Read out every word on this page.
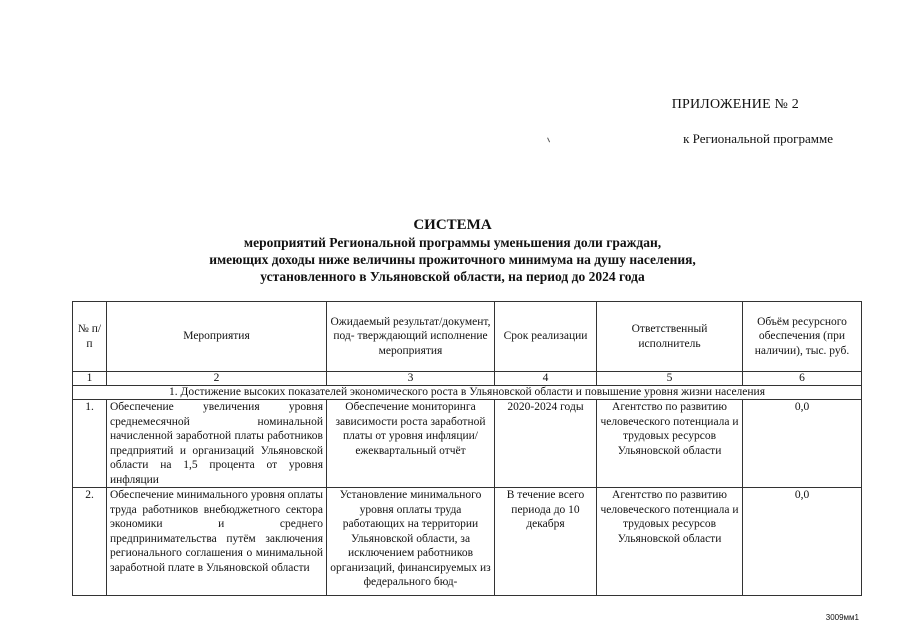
ПРИЛОЖЕНИЕ № 2
к Региональной программе
СИСТЕМА
мероприятий Региональной программы уменьшения доли граждан,
имеющих доходы ниже величины прожиточного минимума на душу населения,
установленного в Ульяновской области, на период до 2024 года
№ п/п	Мероприятия	Ожидаемый результат/документ, под- тверждающий исполнение мероприятия	Срок реализации	Ответственный исполнитель	Объём ресурсного обеспечения (при наличии), тыс. руб.
1	2	3	4	5	6
1. Достижение высоких показателей экономического роста в Ульяновской области и повышение уровня жизни населения					
1.	Обеспечение увеличения уровня среднемесячной номинальной начисленной заработной платы работников предприятий и организаций Ульяновской области на 1,5 процента от уровня инфляции	Обеспечение мониторинга зависимости роста заработной платы от уровня инфляции/ежеквартальный отчёт	2020-2024 годы	Агентство по развитию человеческого потенциала и трудовых ресурсов Ульяновской области	0,0
2.	Обеспечение минимального уровня оплаты труда работников внебюджетного сектора экономики и среднего предпринимательства путём заключения регионального соглашения о минимальной заработной плате в Ульяновской области	Установление минимального уровня оплаты труда работающих на территории Ульяновской области, за исключением работников организаций, финансируемых из федерального бюд-	В течение всего периода до 10 декабря	Агентство по развитию человеческого потенциала и трудовых ресурсов Ульяновской области	0,0
3009мм1
